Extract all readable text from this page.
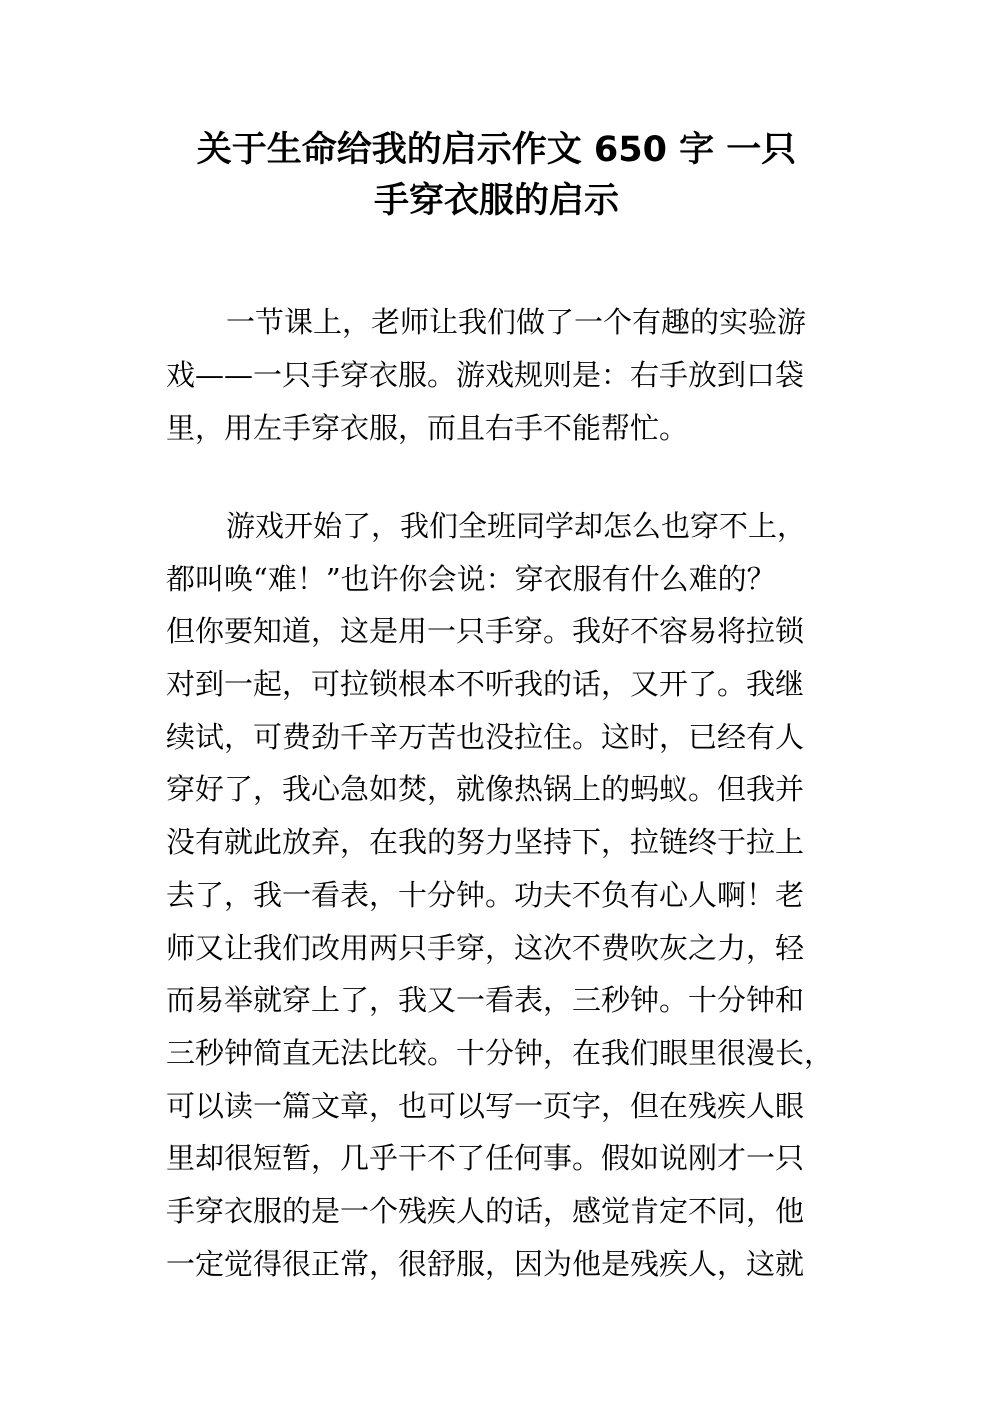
关于生命给我的启示作文 650 字 一只
手穿衣服的启示
一节课上，老师让我们做了一个有趣的实验游
戏——一只手穿衣服。游戏规则是：右手放到口袋
里，用左手穿衣服，而且右手不能帮忙。
游戏开始了，我们全班同学却怎么也穿不上，
都叫唤“难！”也许你会说：穿衣服有什么难的？
但你要知道，这是用一只手穿。我好不容易将拉锁
对到一起，可拉锁根本不听我的话，又开了。我继
续试，可费劲千辛万苦也没拉住。这时，已经有人
穿好了，我心急如焚，就像热锅上的蚂蚁。但我并
没有就此放弃，在我的努力坚持下，拉链终于拉上
去了，我一看表，十分钟。功夫不负有心人啊！老
师又让我们改用两只手穿，这次不费吹灰之力，轻
而易举就穿上了，我又一看表，三秒钟。十分钟和
三秒钟简直无法比较。十分钟，在我们眼里很漫长，
可以读一篇文章，也可以写一页字，但在残疾人眼
里却很短暂，几乎干不了任何事。假如说刚才一只
手穿衣服的是一个残疾人的话，感觉肯定不同，他
一定觉得很正常，很舒服，因为他是残疾人，这就
